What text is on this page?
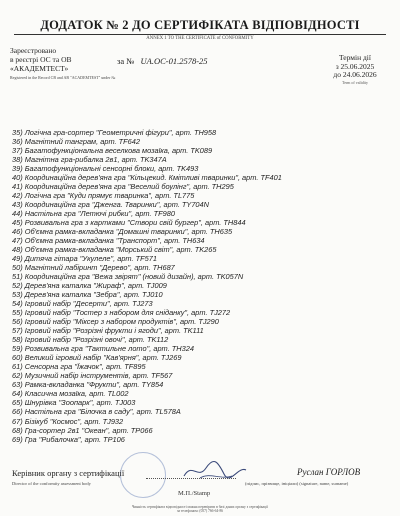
ДОДАТОК № 2 ДО СЕРТИФІКАТА ВІДПОВІДНОСТІ
ANNEX 1 TO THE CERTIFICATE of CONFORMITY
Зареєстровано
в реєстрі ОС та ОВ
«АКАДЕМТЕСТ»
Registered in the Record CB and AB "ACADEMTEST" under №
за № UA.OC-01.2578-25	Термін дії
з 25.06.2025
до 24.06.2026
Term of validity
35) Логічна гра-сортер "Геометричні фігури", арт. TH958
36) Магнітний танграм, арт. TF642
37) Багатофункціональна веселкова мозаїка, арт. TK089
38) Магнітна гра-рибалка 2в1, арт. TK347A
39) Багатофункціональні сенсорні блоки, арт. TK493
40) Координаційна дерев'яна гра "Кільцекид. Кмітливі тваринки", арт. TF401
41) Координаційна дерев'яна гра "Веселий боулінг", арт. TH295
42) Логічна гра "Куди прямує тваринка", арт. TL775
43) Координаційна гра "Дженга. Тваринки", арт. TY704N
44) Настільна гра "Летючі рибки", арт. TF980
45) Розвивальна гра з картками "Створи свій бургер", арт. TH844
46) Об'ємна рамка-вкладанка "Домашні тваринки", арт. TH635
47) Об'ємна рамка-вкладанка "Транспорт", арт. TH634
48) Об'ємна рамка-вкладанка "Морський світ", арт. TK265
49) Дитяча гітара "Укулеле", арт. TF571
50) Магнітний лабіринт "Дерево", арт. TH687
51) Координаційна гра "Вежа звірят" (новий дизайн), арт. TK057N
52) Дерев'яна каталка "Жираф", арт. TJ009
53) Дерев'яна каталка "Зебра", арт. TJ010
54) Ігровий набір "Десерти", арт. TJ273
55) Ігровий набір "Тостер з набором для сніданку", арт. TJ272
56) Ігровий набір "Міксер з набором продуктів", арт. TJ290
57) Ігровий набір "Розрізні фрукти і ягоди", арт. TK111
58) Ігровий набір "Розрізні овочі", арт. TK112
59) Розвивальна гра "Тактильне лото", арт. TH324
60) Великий ігровий набір "Кав'ярня", арт. TJ269
61) Сенсорна гра "Їжачок", арт. TF895
62) Музичний набір інструментів, арт. TF567
63) Рамка-вкладанка "Фрукти", арт. TY854
64) Класична мозаїка, арт. TL002
65) Шнурівка "Зоопарк", арт. TJ003
66) Настільна гра "Білочка в саду", арт. TL578A
67) Бізікуб "Космос", арт. TJ932
68) Гра-сортер 2в1 "Океан", арт. TP066
69) Гра "Рибалочка", арт. TP106
Керівник органу з сертифікації	Руслан ГОРЛОВ
Director of the conformity assessment body	(підпис, прізвище, ініціали) (signature, name, surname)
М.П./Stamp
Чинність сертифіката відповідності можна перевірити в базі даних органу з сертифікації
за телефоном: (057) 766-64-86
